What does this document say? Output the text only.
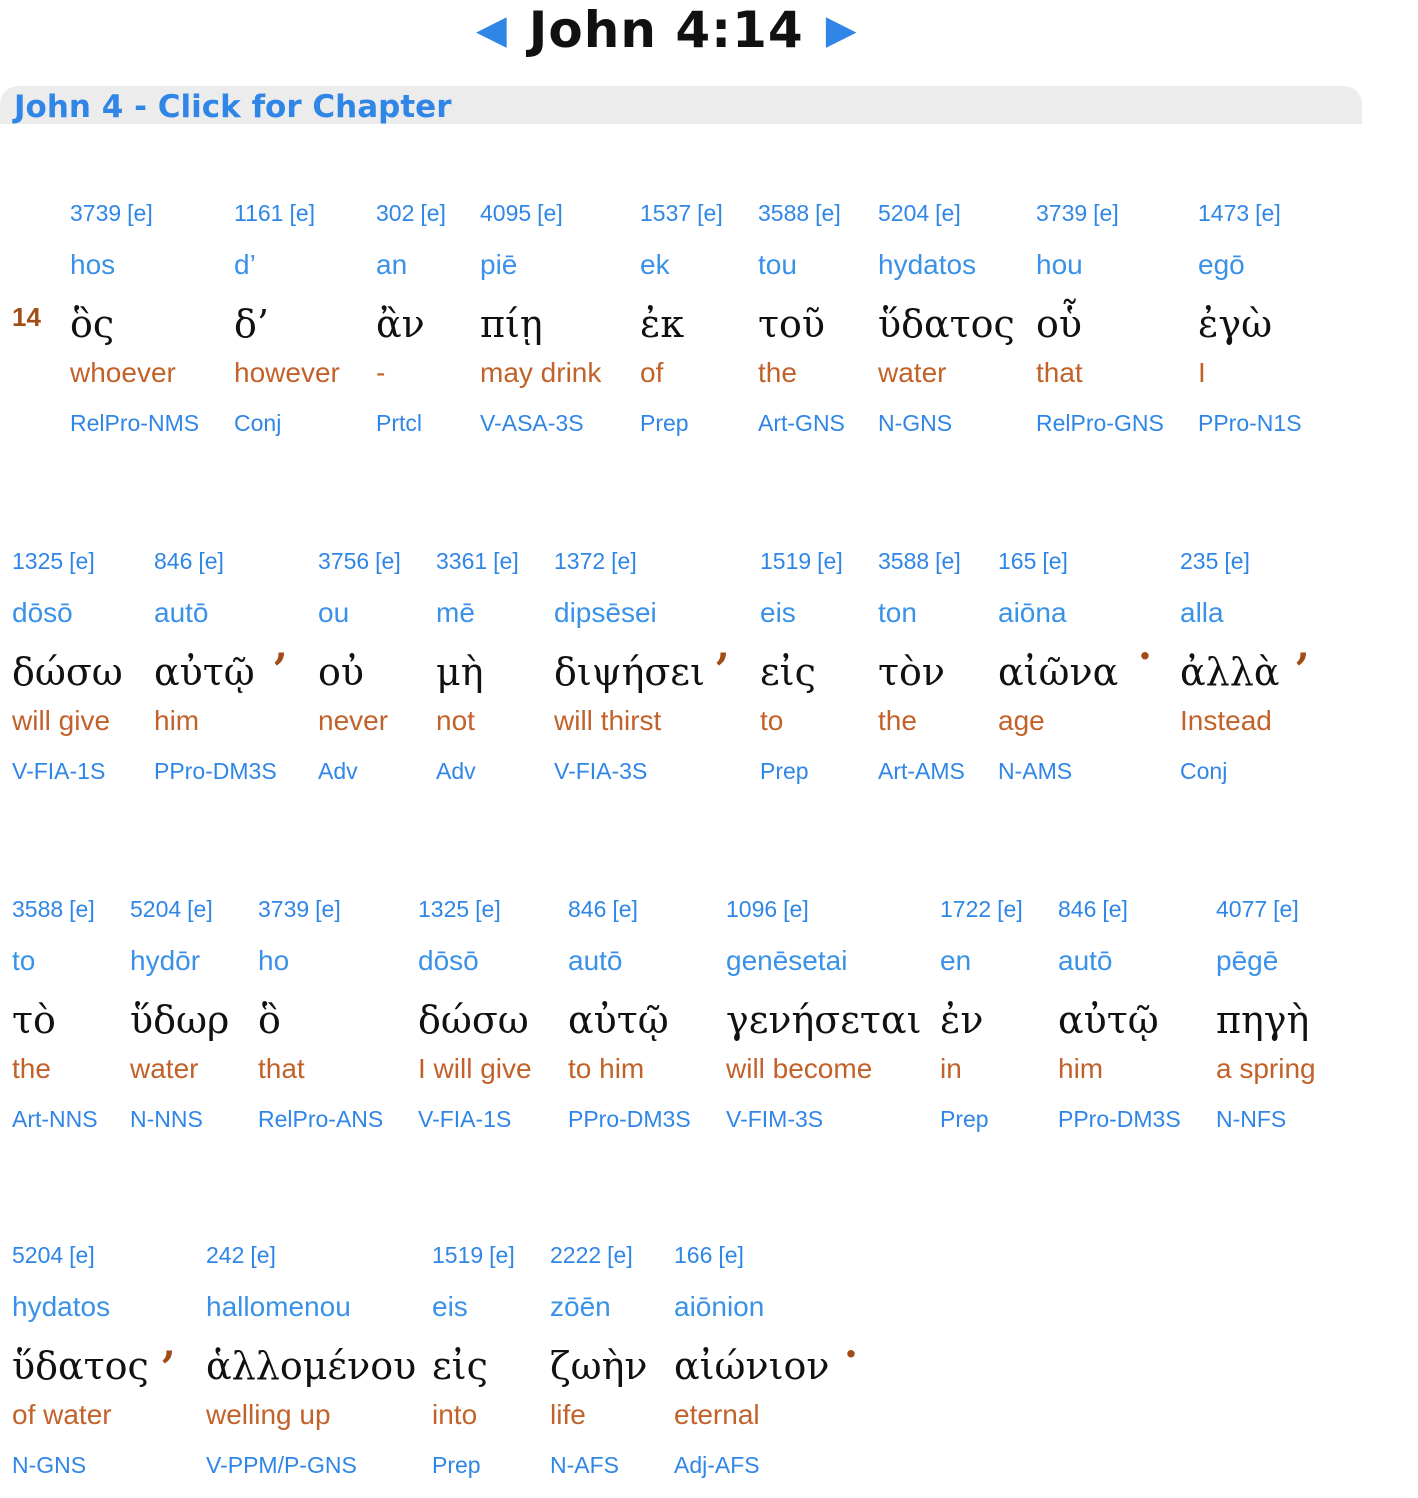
◀ John 4:14 ▶
John 4 - Click for Chapter
14
3739 [e]
hos
ὃς
whoever
RelPro-NMS
1161 [e]
d’
δ’
however
Conj
302 [e]
an
ἂν
-
Prtcl
4095 [e]
piē
πίῃ
may drink
V-ASA-3S
1537 [e]
ek
ἐκ
of
Prep
3588 [e]
tou
τοῦ
the
Art-GNS
5204 [e]
hydatos
ὕδατος
water
N-GNS
3739 [e]
hou
οὗ
that
RelPro-GNS
1473 [e]
egō
ἐγὼ
I
PPro-N1S
1325 [e]
dōsō
δώσω
will give
V-FIA-1S
846 [e]
autō
αὐτῷ
him
PPro-DM3S
3756 [e]
ou
οὐ
never
Adv
3361 [e]
mē
μὴ
not
Adv
1372 [e]
dipsēsei
διψήσει
will thirst
V-FIA-3S
1519 [e]
eis
εἰς
to
Prep
3588 [e]
ton
τὸν
the
Art-AMS
165 [e]
aiōna
αἰῶνα
age
N-AMS
235 [e]
alla
ἀλλὰ
Instead
Conj
,	,	.	,
3588 [e]
to
τὸ
the
Art-NNS
5204 [e]
hydōr
ὕδωρ
water
N-NNS
3739 [e]
ho
ὃ
that
RelPro-ANS
1325 [e]
dōsō
δώσω
I will give
V-FIA-1S
846 [e]
autō
αὐτῷ
to him
PPro-DM3S
1096 [e]
genēsetai
γενήσεται
will become
V-FIM-3S
1722 [e]
en
ἐν
in
Prep
846 [e]
autō
αὐτῷ
him
PPro-DM3S
4077 [e]
pēgē
πηγὴ
a spring
N-NFS
5204 [e]
hydatos
ὕδατος
of water
N-GNS
242 [e]
hallomenou
ἁλλομένου
welling up
V-PPM/P-GNS
1519 [e]
eis
εἰς
into
Prep
2222 [e]
zōēn
ζωὴν
life
N-AFS
166 [e]
aiōnion
αἰώνιον
eternal
Adj-AFS
,	.
